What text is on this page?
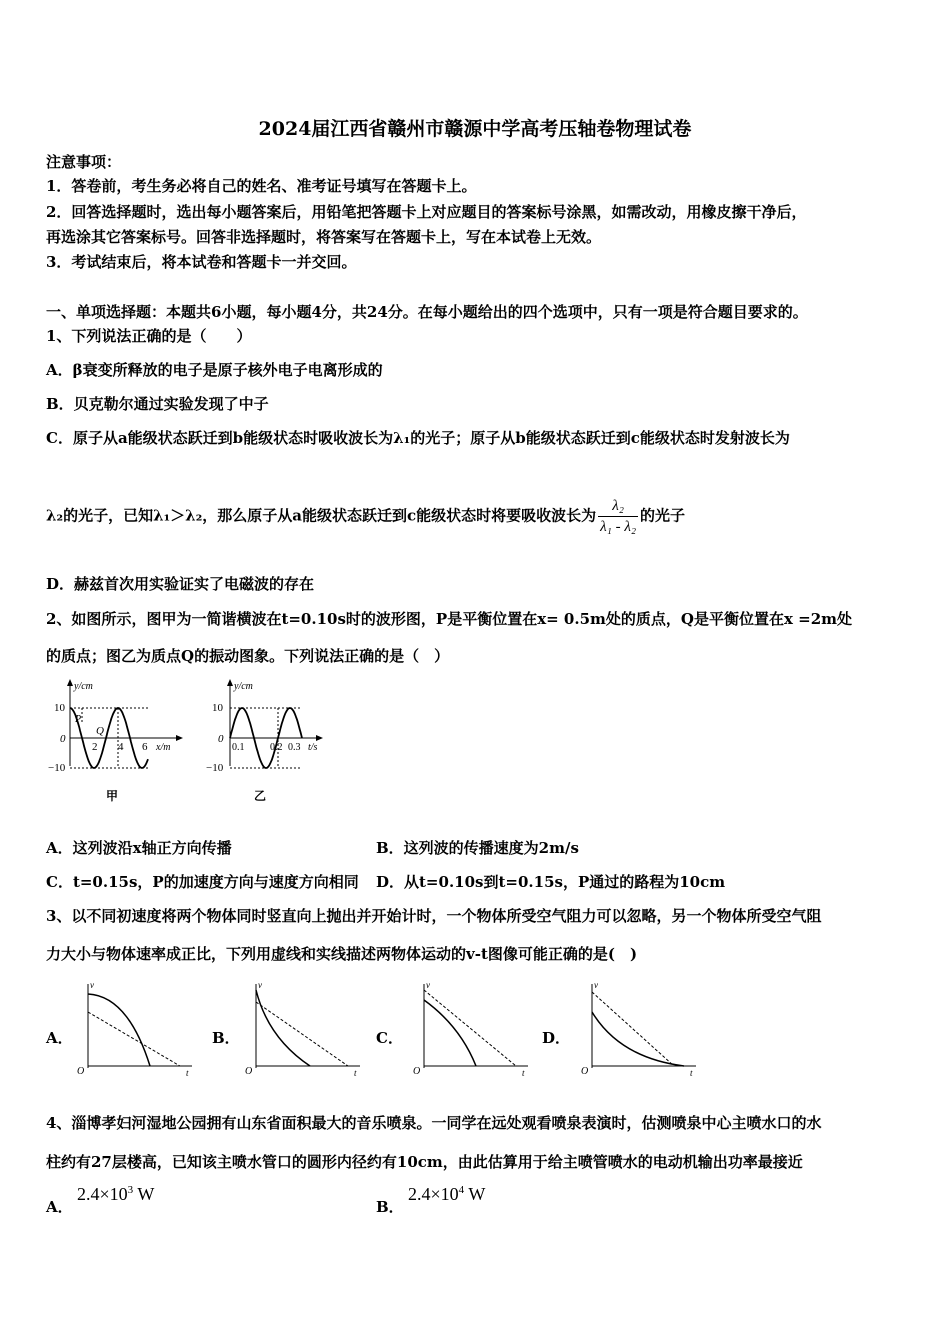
2024届江西省赣州市赣源中学高考压轴卷物理试卷
注意事项：
1．答卷前，考生务必将自己的姓名、准考证号填写在答题卡上。
2．回答选择题时，选出每小题答案后，用铅笔把答题卡上对应题目的答案标号涂黑，如需改动，用橡皮擦干净后，
再选涂其它答案标号。回答非选择题时，将答案写在答题卡上，写在本试卷上无效。
3．考试结束后，将本试卷和答题卡一并交回。
一、单项选择题：本题共6小题，每小题4分，共24分。在每小题给出的四个选项中，只有一项是符合题目要求的。
1、下列说法正确的是（　　）
A．β衰变所释放的电子是原子核外电子电离形成的
B．贝克勒尔通过实验发现了中子
C．原子从a能级状态跃迁到b能级状态时吸收波长为λ₁的光子；原子从b能级状态跃迁到c能级状态时发射波长为
λ₂的光子，已知λ₁＞λ₂，那么原子从a能级状态跃迁到c能级状态时将要吸收波长为 $\frac{\text{λ₂}}{\text{λ₁ - λ₂}}$ 的光子
D．赫兹首次用实验证实了电磁波的存在
2、如图所示，图甲为一简谐横波在t=0.10s时的波形图，P是平衡位置在x= 0.5m处的质点，Q是平衡位置在x =2m处
的质点；图乙为质点Q的振动图象。下列说法正确的是（　）
y/cm
10
0
−10
2 4 6 x/m
P
Q
甲
y/cm
10
0
−10
0.1	0.2 0.3 t/s
乙
A．这列波沿x轴正方向传播	B．这列波的传播速度为2m/s
C．t=0.15s，P的加速度方向与速度方向相同 D．从t=0.10s到t=0.15s，P通过的路程为10cm
3、以不同初速度将两个物体同时竖直向上抛出并开始计时，一个物体所受空气阻力可以忽略，另一个物体所受空气阻
力大小与物体速率成正比，下列用虚线和实线描述两物体运动的v-t图像可能正确的是(　)
A．
v
t
O
B．
v
t
O
C．
v
t
O
D．
v
t
O
4、淄博孝妇河湿地公园拥有山东省面积最大的音乐喷泉。一同学在远处观看喷泉表演时，估测喷泉中心主喷水口的水
柱约有27层楼高，已知该主喷水管口的圆形内径约有10cm，由此估算用于给主喷管喷水的电动机输出功率最接近
A．
$2.4\times 10^3$ W
B．
$2.4\times 10^4$ W
